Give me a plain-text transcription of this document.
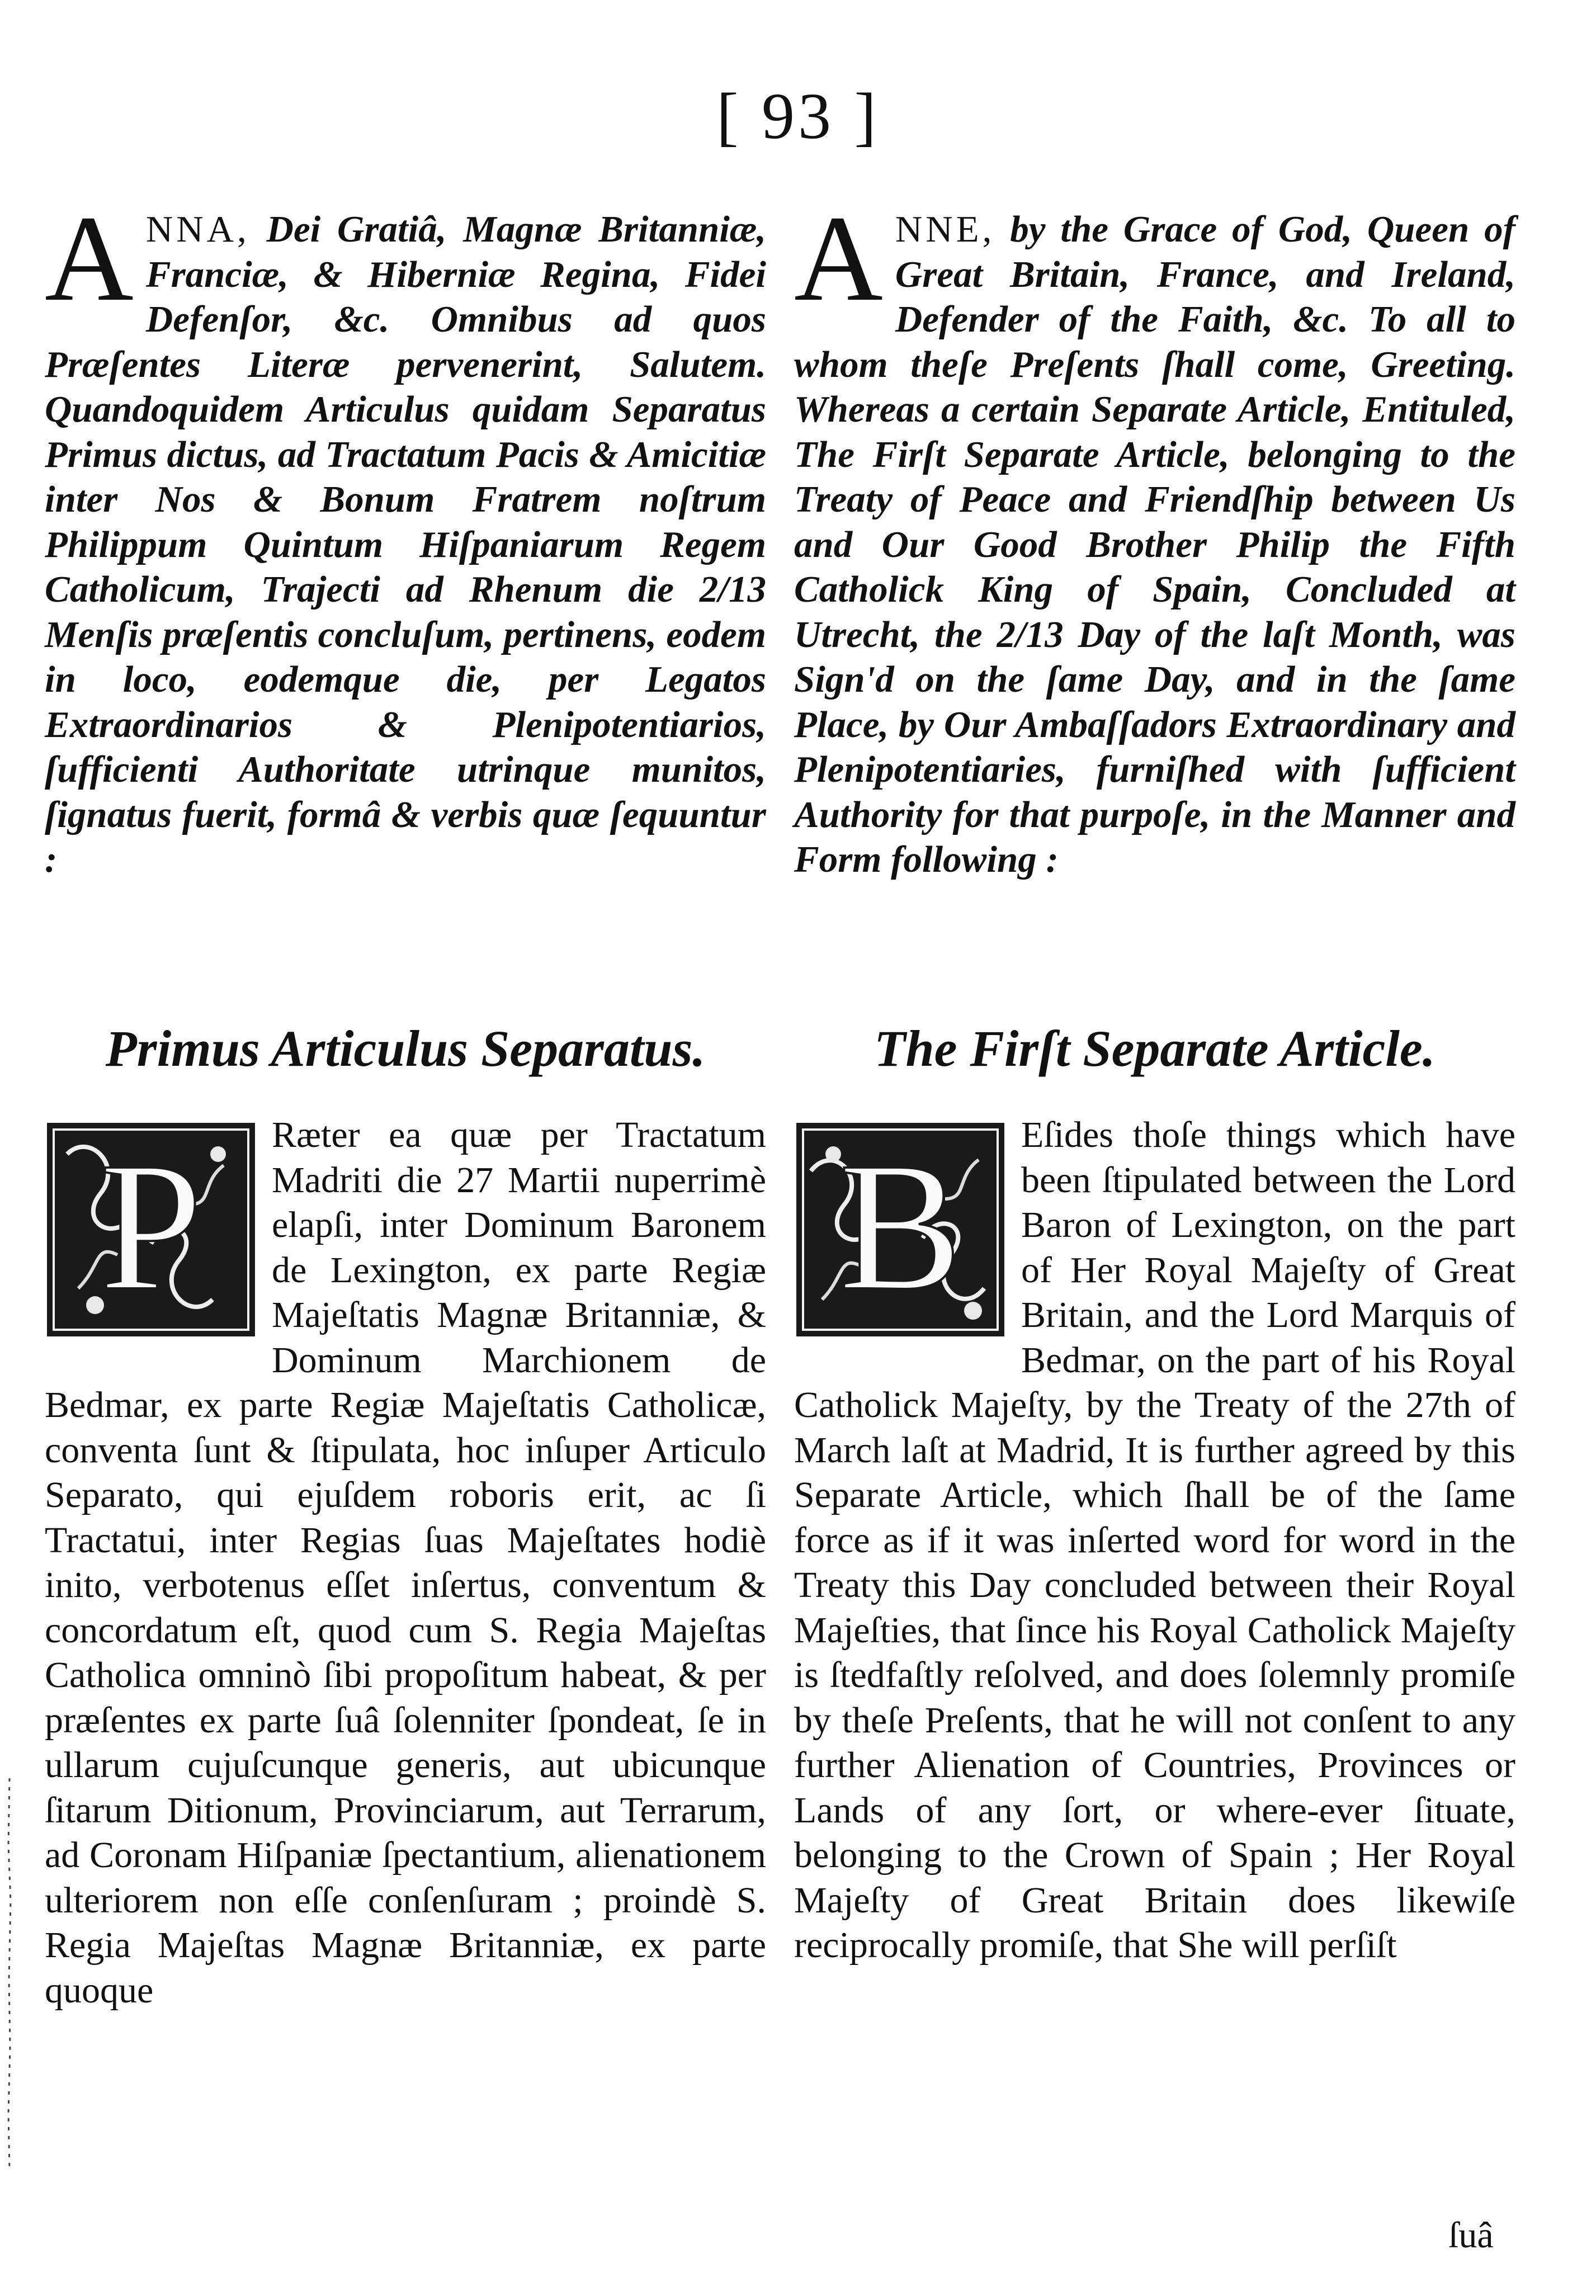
[ 93 ]

ANNA, Dei Gratiâ, Magnæ Britanniæ, Franciæ, & Hiberniæ Regina, Fidei Defenſor, &c. Omnibus ad quos Præſentes Literæ pervenerint, Salutem. Quandoquidem Articulus quidam Separatus Primus dictus, ad Tractatum Pacis & Amicitiæ inter Nos & Bonum Fratrem noſtrum Philippum Quintum Hiſpaniarum Regem Catholicum, Trajecti ad Rhenum die 2/13 Menſis præſentis concluſum, pertinens, eodem in loco, eodemque die, per Legatos Extraordinarios & Plenipotentiarios, ſufficienti Authoritate utrinque munitos, ſignatus fuerit, formâ & verbis quæ ſequuntur :

Primus Articulus Separatus.
P	Ræter ea quæ per Tractatum Madriti die 27 Martii nuperrimè elapſi, inter Dominum Baronem de Lexington, ex parte Regiæ Majeſtatis Magnæ Britanniæ, & Dominum Marchionem de Bedmar, ex parte Regiæ Majeſtatis Catholicæ, conventa ſunt & ſtipulata, hoc inſuper Articulo Separato, qui ejuſdem roboris erit, ac ſi Tractatui, inter Regias ſuas Majeſtates hodiè inito, verbotenus eſſet inſertus, conventum & concordatum eſt, quod cum S. Regia Majeſtas Catholica omninò ſibi propoſitum habeat, & per præſentes ex parte ſuâ ſolenniter ſpondeat, ſe in ullarum cujuſcunque generis, aut ubicunque ſitarum Ditionum, Provinciarum, aut Terrarum, ad Coronam Hiſpaniæ ſpectantium, alienationem ulteriorem non eſſe conſenſuram ; proindè S. Regia Majeſtas Magnæ Britanniæ, ex parte quoque

ANNE, by the Grace of God, Queen of Great Britain, France, and Ireland, Defender of the Faith, &c. To all to whom theſe Preſents ſhall come, Greeting. Whereas a certain Separate Article, Entituled, The Firſt Separate Article, belonging to the Treaty of Peace and Friendſhip between Us and Our Good Brother Philip the Fifth Catholick King of Spain, Concluded at Utrecht, the 2/13 Day of the laſt Month, was Sign'd on the ſame Day, and in the ſame Place, by Our Ambaſſadors Extraordinary and Plenipotentiaries, furniſhed with ſufficient Authority for that purpoſe, in the Manner and Form following :

The Firſt Separate Article.
B	Eſides thoſe things which have been ſtipulated between the Lord Baron of Lexington, on the part of Her Royal Majeſty of Great Britain, and the Lord Marquis of Bedmar, on the part of his Royal Catholick Majeſty, by the Treaty of the 27th of March laſt at Madrid, It is further agreed by this Separate Article, which ſhall be of the ſame force as if it was inſerted word for word in the Treaty this Day concluded between their Royal Majeſties, that ſince his Royal Catholick Majeſty is ſtedfaſtly reſolved, and does ſolemnly promiſe by theſe Preſents, that he will not conſent to any further Alienation of Countries, Provinces or Lands of any ſort, or where-ever ſituate, belonging to the Crown of Spain ; Her Royal Majeſty of Great Britain does likewiſe reciprocally promiſe, that She will perſiſt

ſuâ
